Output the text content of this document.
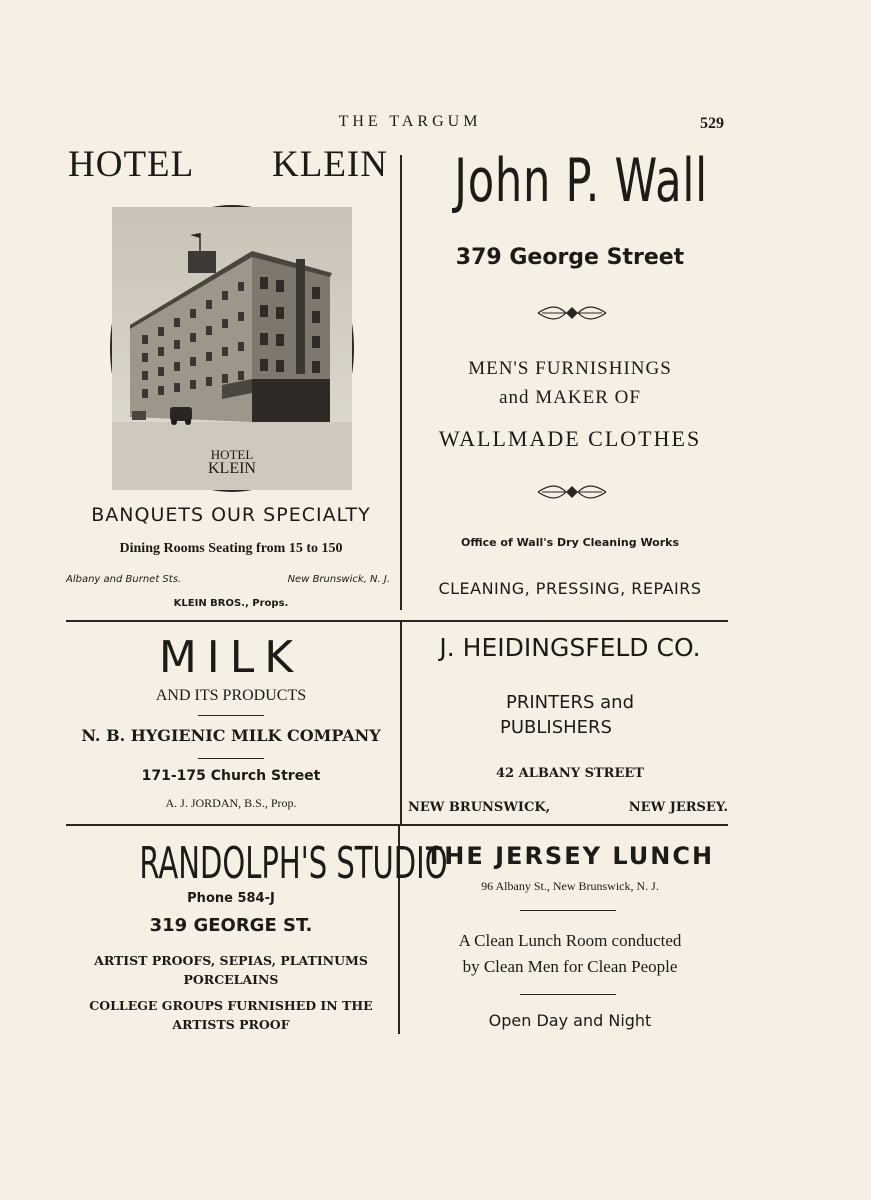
THE TARGUM	529
HOTEL KLEIN
HOTEL
KLEIN
BANQUETS OUR SPECIALTY
Dining Rooms Seating from 15 to 150
Albany and Burnet Sts.	New Brunswick, N. J.
KLEIN BROS., Props.
John P. Wall
379 George Street
MEN'S FURNISHINGS
and MAKER OF
WALLMADE CLOTHES
Office of Wall's Dry Cleaning Works
CLEANING, PRESSING, REPAIRS
MILK
AND ITS PRODUCTS
N. B. HYGIENIC MILK COMPANY
171-175 Church Street
A. J. JORDAN, B.S., Prop.
J. HEIDINGSFELD CO.
PRINTERS and
PUBLISHERS
42 ALBANY STREET
NEW BRUNSWICK,	NEW JERSEY.
RANDOLPH'S STUDIO
Phone 584-J
319 GEORGE ST.
ARTIST PROOFS, SEPIAS, PLATINUMS
PORCELAINS
COLLEGE GROUPS FURNISHED IN THE
ARTISTS PROOF
THE JERSEY LUNCH
96 Albany St., New Brunswick, N. J.
A Clean Lunch Room conducted
by Clean Men for Clean People
Open Day and Night
